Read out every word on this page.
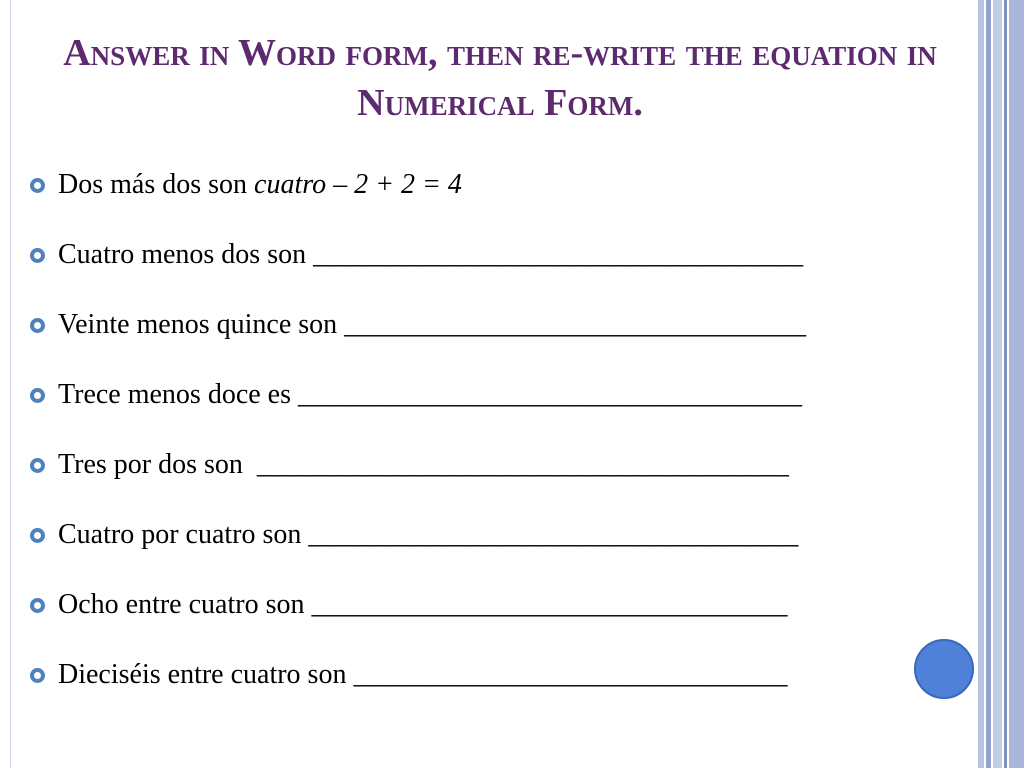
Answer in Word form, then re-write the equation in Numerical Form.
Dos más dos son cuatro – 2 + 2 = 4
Cuatro menos dos son ___________________________________
Veinte menos quince son _________________________________
Trece menos doce es ____________________________________
Tres por dos son  ______________________________________
Cuatro por cuatro son ___________________________________
Ocho entre cuatro son __________________________________
Dieciséis entre cuatro son _______________________________
